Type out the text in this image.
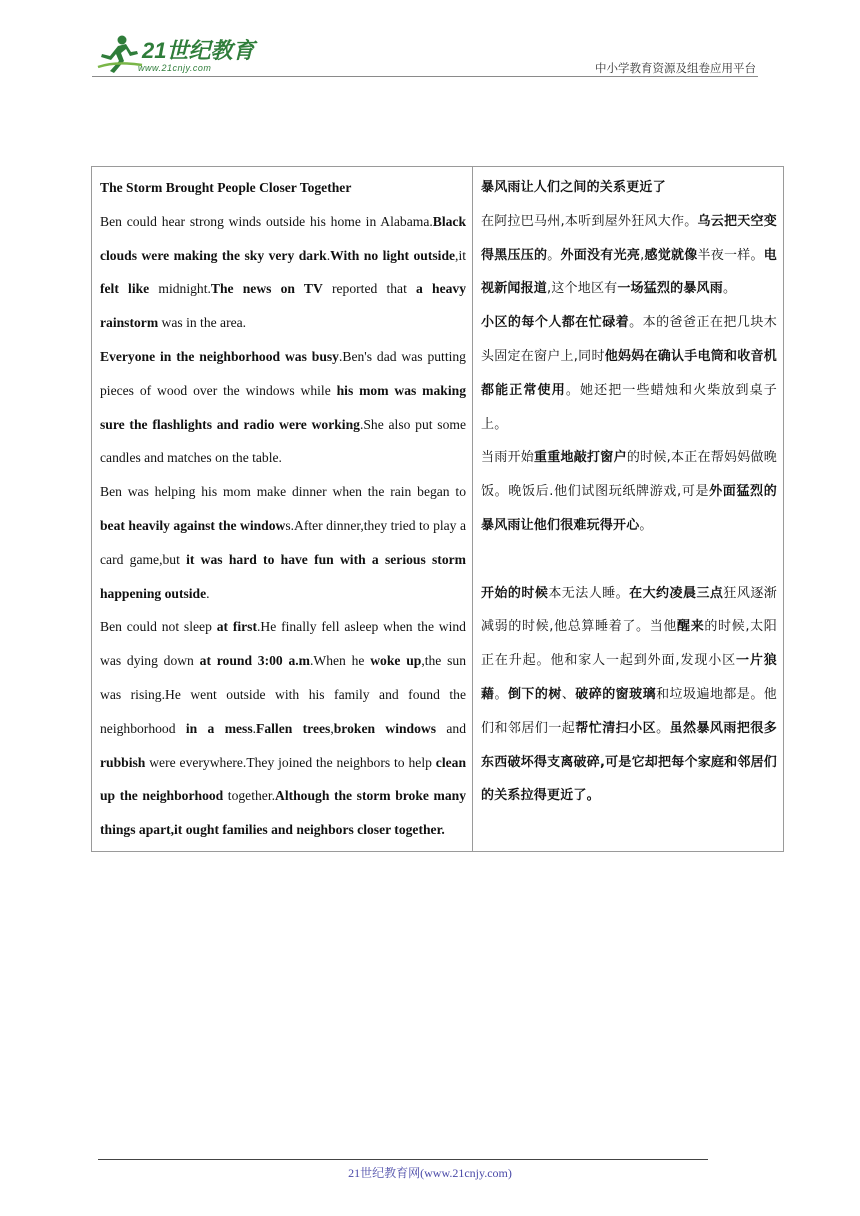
21世纪教育
www.21cnjy.com	中小学教育资源及组卷应用平台

The Storm Brought People Closer Together

Ben could hear strong winds outside his home in Alabama.Black clouds were making the sky very dark.With no light outside,it felt like midnight.The news on TV reported that a heavy rainstorm was in the area.

Everyone in the neighborhood was busy.Ben's dad was putting pieces of wood over the windows while his mom was making sure the flashlights and radio were working.She also put some candles and matches on the table.

Ben was helping his mom make dinner when the rain began to beat heavily against the windows.After dinner,they tried to play a card game,but it was hard to have fun with a serious storm happening outside.

Ben could not sleep at first.He finally fell asleep when the wind was dying down at round 3:00 a.m.When he woke up,the sun was rising.He went outside with his family and found the neighborhood in a mess.Fallen trees,broken windows and rubbish were everywhere.They joined the neighbors to help clean up the neighborhood together.Although the storm broke many things apart,it ought families and neighbors closer together.

暴风雨让人们之间的关系更近了

在阿拉巴马州,本听到屋外狂风大作。乌云把天空变得黑压压的。外面没有光亮,感觉就像半夜一样。电视新闻报道,这个地区有一场猛烈的暴风雨。

小区的每个人都在忙碌着。本的爸爸正在把几块木头固定在窗户上,同时他妈妈在确认手电筒和收音机都能正常使用。她还把一些蜡烛和火柴放到桌子上。

当雨开始重重地敲打窗户的时候,本正在帮妈妈做晚饭。晚饭后.他们试图玩纸牌游戏,可是外面猛烈的暴风雨让他们很难玩得开心。

开始的时候本无法人睡。在大约凌晨三点狂风逐渐减弱的时候,他总算睡着了。当他醒来的时候,太阳正在升起。他和家人一起到外面,发现小区一片狼藉。倒下的树、破碎的窗玻璃和垃圾遍地都是。他们和邻居们一起帮忙清扫小区。虽然暴风雨把很多东西破坏得支离破碎,可是它却把每个家庭和邻居们的关系拉得更近了。

21世纪教育网(www.21cnjy.com)
